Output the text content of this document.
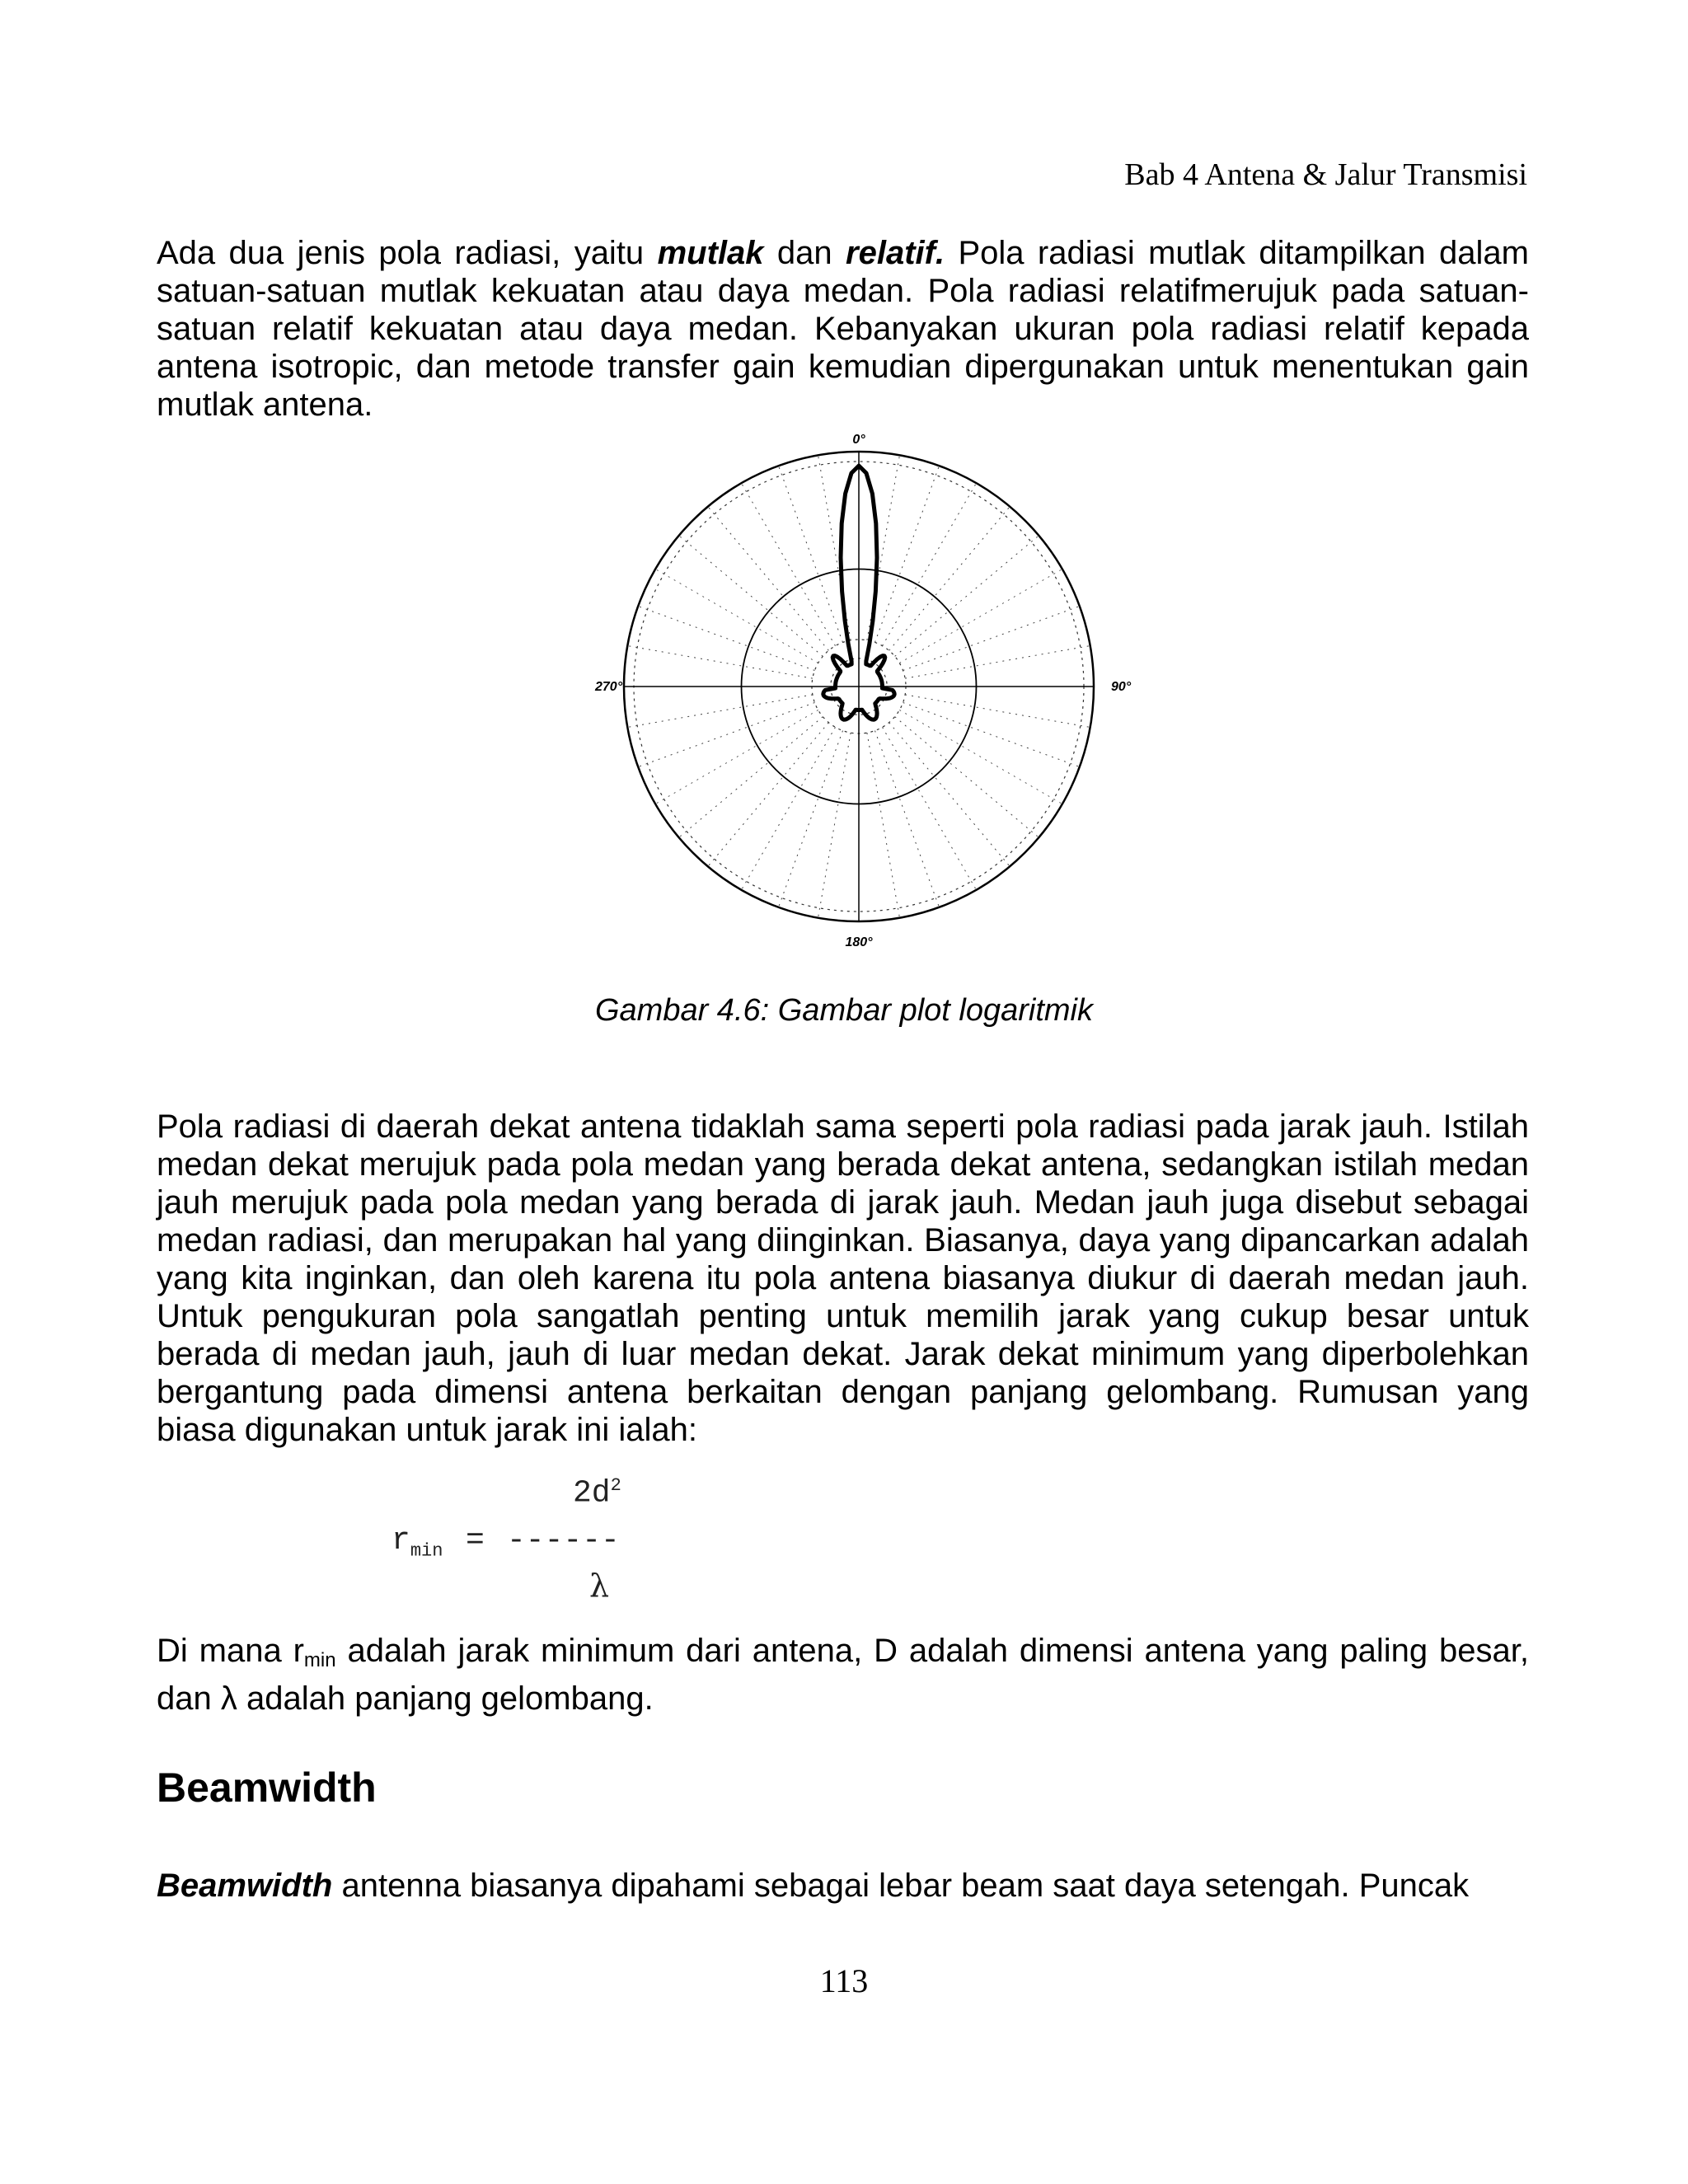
Bab 4 Antena & Jalur Transmisi

Ada dua jenis pola radiasi, yaitu mutlak dan relatif. Pola radiasi mutlak ditampilkan dalam satuan-satuan mutlak kekuatan atau daya medan. Pola radiasi relatifmerujuk pada satuan-satuan relatif kekuatan atau daya medan. Kebanyakan ukuran pola radiasi relatif kepada antena isotropic, dan metode transfer gain kemudian dipergunakan untuk menentukan gain mutlak antena.

0°
90°
180°
270°
Gambar 4.6: Gambar plot logaritmik

Pola radiasi di daerah dekat antena tidaklah sama seperti pola radiasi pada jarak jauh. Istilah medan dekat merujuk pada pola medan yang berada dekat antena, sedangkan istilah medan jauh merujuk pada pola medan yang berada di jarak jauh. Medan jauh juga disebut sebagai medan radiasi, dan merupakan hal yang diinginkan. Biasanya, daya yang dipancarkan adalah yang kita inginkan, dan oleh karena itu pola antena biasanya diukur di daerah medan jauh. Untuk pengukuran pola sangatlah penting untuk memilih jarak yang cukup besar untuk berada di medan jauh, jauh di luar medan dekat. Jarak dekat minimum yang diperbolehkan bergantung pada dimensi antena berkaitan dengan panjang gelombang. Rumusan yang biasa digunakan untuk jarak ini ialah:

$2d^2$
$r_{min}$ = ------
λ

Di mana $r_{min}$ adalah jarak minimum dari antena, D adalah dimensi antena yang paling besar, dan λ adalah panjang gelombang.

Beamwidth

Beamwidth antenna biasanya dipahami sebagai lebar beam saat daya setengah. Puncak

113
